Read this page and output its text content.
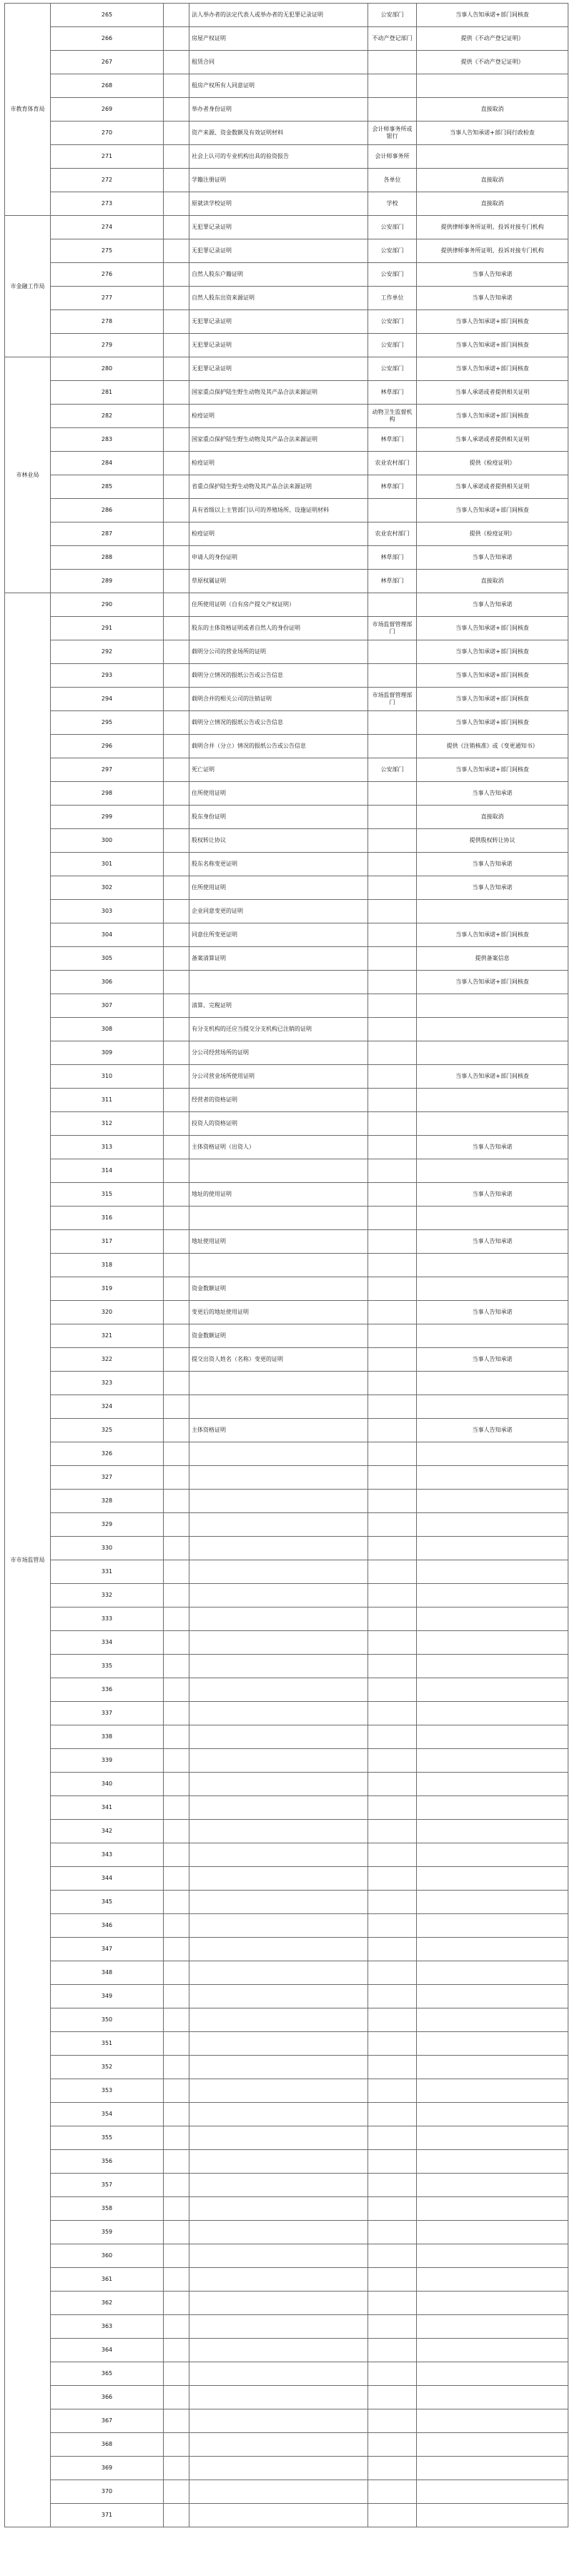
市教育体育局	265		法人举办者的法定代表人或举办者的无犯罪记录证明	公安部门	当事人告知承诺+部门间核查
	266		房屋产权证明	不动产登记部门	提供《不动产登记证明》
	267		租赁合同		提供《不动产登记证明》
	268		租房产权所有人同意证明		
	269		举办者身份证明		直接取消
	270		资产来源、资金数额及有效证明材料	会计师事务所或银行	当事人告知承诺+部门间行政检查
	271		社会上认可的专业机构出具的验资报告	会计师事务所	
	272		学籍注册证明	各单位	直接取消
	273		原就读学校证明	学校	直接取消
市金融工作局	274		无犯罪记录证明	公安部门	提供律师事务所证明、投诉对接专门机构
	275		无犯罪记录证明	公安部门	提供律师事务所证明、投诉对接专门机构
	276		自然人股东户籍证明	公安部门	当事人告知承诺
	277		自然人股东出资来源证明	工作单位	当事人告知承诺
	278		无犯罪记录证明	公安部门	当事人告知承诺+部门间核查
	279		无犯罪记录证明	公安部门	当事人告知承诺+部门间核查
市林业局	280		无犯罪记录证明	公安部门	当事人告知承诺+部门间核查
	281		国家重点保护陆生野生动物及其产品合法来源证明	林草部门	当事人承诺或者提供相关证明
	282		检疫证明	动物卫生监督机构	当事人告知承诺+部门间核查
	283		国家重点保护陆生野生动物及其产品合法来源证明	林草部门	当事人承诺或者提供相关证明
	284		检疫证明	农业农村部门	提供《检疫证明》
	285		省重点保护陆生野生动物及其产品合法来源证明	林草部门	当事人承诺或者提供相关证明
	286		具有省级以上主管部门认可的养殖场所、设施证明材料		当事人告知承诺+部门间核查
	287		检疫证明	农业农村部门	提供《检疫证明》
	288		申请人的身份证明	林草部门	当事人告知承诺
	289		草原权属证明	林草部门	直接取消
市市场监管局	290		住所使用证明（自有房产提交产权证明）		当事人告知承诺
	291		股东的主体资格证明或者自然人的身份证明	市场监督管理部门	当事人告知承诺+部门间核查
	292		载明分公司的营业场所的证明		当事人告知承诺+部门间核查
	293		载明分立情况的报纸公告或公告信息		当事人告知承诺+部门间核查
	294		载明合并的相关公司的注销证明	市场监督管理部门	当事人告知承诺+部门间核查
	295		载明分立情况的报纸公告或公告信息		当事人告知承诺+部门间核查
	296		载明合并（分立）情况的报纸公告或公告信息		提供《注销核准》或《变更通知书》
	297		死亡证明	公安部门	当事人告知承诺+部门间核查
	298		住所使用证明		当事人告知承诺
	299		股东身份证明		直接取消
	300		股权转让协议		提供股权转让协议
	301		股东名称变更证明		当事人告知承诺
	302		住所使用证明		当事人告知承诺
	303		企业同意变更的证明		
	304		同意住所变更证明		当事人告知承诺+部门间核查
	305		备案清算证明		提供备案信息
	306				当事人告知承诺+部门间核查
	307		清算、完税证明		
	308		有分支机构的还应当提交分支机构已注销的证明		
	309		分公司经营场所的证明		
	310		分公司营业场所使用证明		当事人告知承诺+部门间核查
	311		经营者的资格证明		
	312		投资人的资格证明		
	313		主体资格证明（出资人）		当事人告知承诺
	314				
	315		地址的使用证明		当事人告知承诺
	316				
	317		地址使用证明		当事人告知承诺
	318				
	319		资金数额证明		
	320		变更后的地址使用证明		当事人告知承诺
	321		资金数额证明		
	322		提交出资人姓名（名称）变更的证明		当事人告知承诺
	323				
	324				
	325		主体资格证明		当事人告知承诺
	326				
	327				
	328				
	329				
	330				
	331				
	332				
	333				
	334				
	335				
	336				
	337				
	338				
	339				
	340				
	341				
	342				
	343				
	344				
	345				
	346				
	347				
	348				
	349				
	350				
	351				
	352				
	353				
	354				
	355				
	356				
	357				
	358				
	359				
	360				
	361				
	362				
	363				
	364				
	365				
	366				
	367				
	368				
	369				
	370				
	371				
